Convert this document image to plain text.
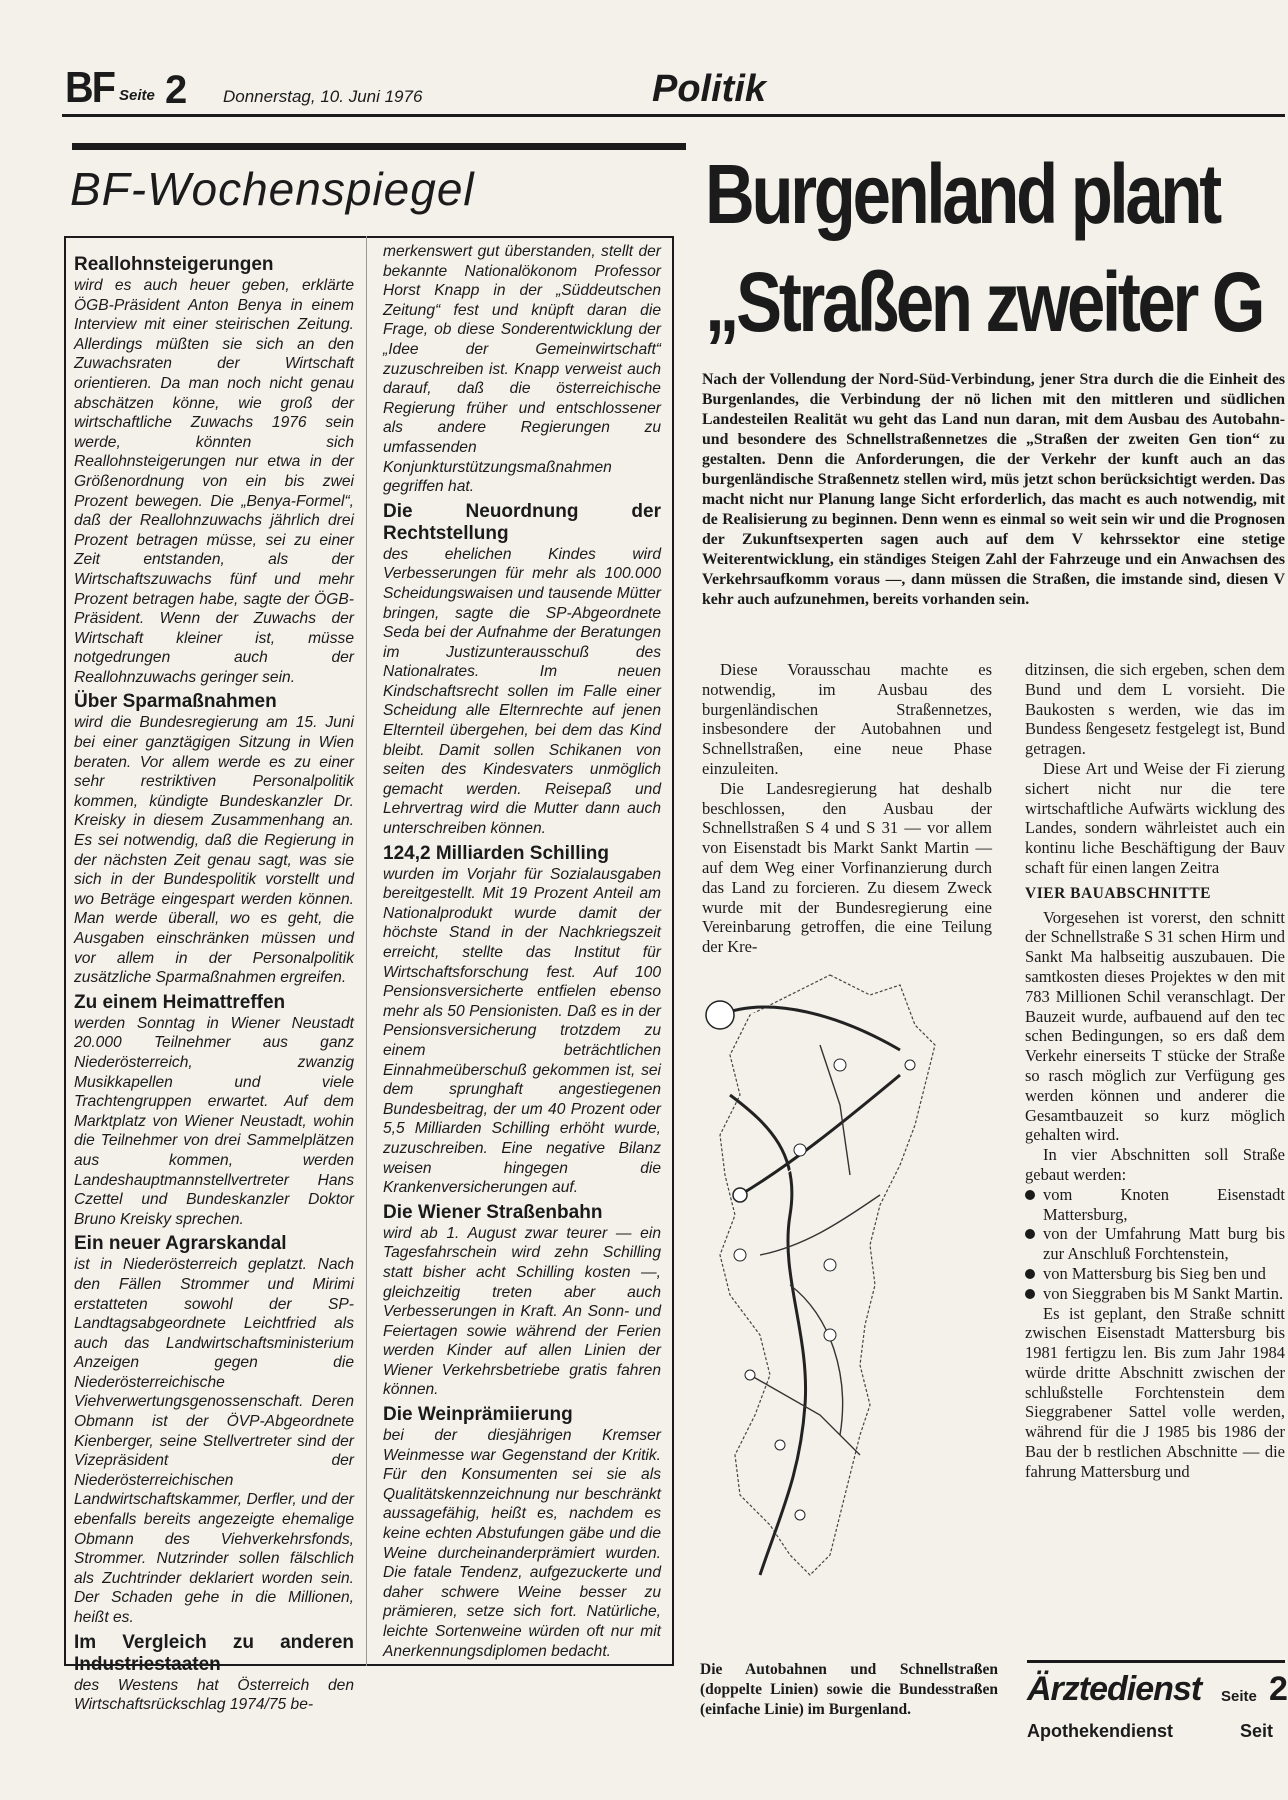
BF Seite 2 Donnerstag, 10. Juni 1976	Politik
BF-Wochenspiegel
Reallohnsteigerungen

wird es auch heuer geben, erklärte ÖGB-Präsident Anton Benya in einem Interview mit einer steirischen Zeitung. Allerdings müßten sie sich an den Zuwachsraten der Wirtschaft orientieren. Da man noch nicht genau abschätzen könne, wie groß der wirtschaftliche Zuwachs 1976 sein werde, könnten sich Reallohnsteigerungen nur etwa in der Größenordnung von ein bis zwei Prozent bewegen. Die „Benya-Formel“, daß der Reallohnzuwachs jährlich drei Prozent betragen müsse, sei zu einer Zeit entstanden, als der Wirtschaftszuwachs fünf und mehr Prozent betragen habe, sagte der ÖGB-Präsident. Wenn der Zuwachs der Wirtschaft kleiner ist, müsse notgedrungen auch der Reallohnzuwachs geringer sein.

Über Sparmaßnahmen

wird die Bundesregierung am 15. Juni bei einer ganztägigen Sitzung in Wien beraten. Vor allem werde es zu einer sehr restriktiven Personalpolitik kommen, kündigte Bundeskanzler Dr. Kreisky in diesem Zusammenhang an. Es sei notwendig, daß die Regierung in der nächsten Zeit genau sagt, was sie sich in der Bundespolitik vorstellt und wo Beträge eingespart werden können. Man werde überall, wo es geht, die Ausgaben einschränken müssen und vor allem in der Personalpolitik zusätzliche Sparmaßnahmen ergreifen.

Zu einem Heimattreffen

werden Sonntag in Wiener Neustadt 20.000 Teilnehmer aus ganz Niederösterreich, zwanzig Musikkapellen und viele Trachtengruppen erwartet. Auf dem Marktplatz von Wiener Neustadt, wohin die Teilnehmer von drei Sammelplätzen aus kommen, werden Landeshauptmannstellvertreter Hans Czettel und Bundeskanzler Doktor Bruno Kreisky sprechen.

Ein neuer Agrarskandal

ist in Niederösterreich geplatzt. Nach den Fällen Strommer und Mirimi erstatteten sowohl der SP-Landtagsabgeordnete Leichtfried als auch das Landwirtschaftsministerium Anzeigen gegen die Niederösterreichische Viehverwertungsgenossenschaft. Deren Obmann ist der ÖVP-Abgeordnete Kienberger, seine Stellvertreter sind der Vizepräsident der Niederösterreichischen Landwirtschaftskammer, Derfler, und der ebenfalls bereits angezeigte ehemalige Obmann des Viehverkehrsfonds, Strommer. Nutzrinder sollen fälschlich als Zuchtrinder deklariert worden sein. Der Schaden gehe in die Millionen, heißt es.

Im Vergleich zu anderen Industriestaaten

des Westens hat Österreich den Wirtschaftsrückschlag 1974/75 be-

merkenswert gut überstanden, stellt der bekannte Nationalökonom Professor Horst Knapp in der „Süddeutschen Zeitung“ fest und knüpft daran die Frage, ob diese Sonderentwicklung der „Idee der Gemeinwirtschaft“ zuzuschreiben ist. Knapp verweist auch darauf, daß die österreichische Regierung früher und entschlossener als andere Regierungen zu umfassenden Konjunkturstützungsmaßnahmen gegriffen hat.

Die Neuordnung der Rechtstellung

des ehelichen Kindes wird Verbesserungen für mehr als 100.000 Scheidungswaisen und tausende Mütter bringen, sagte die SP-Abgeordnete Seda bei der Aufnahme der Beratungen im Justizunterausschuß des Nationalrates. Im neuen Kindschaftsrecht sollen im Falle einer Scheidung alle Elternrechte auf jenen Elternteil übergehen, bei dem das Kind bleibt. Damit sollen Schikanen von seiten des Kindesvaters unmöglich gemacht werden. Reisepaß und Lehrvertrag wird die Mutter dann auch unterschreiben können.

124,2 Milliarden Schilling

wurden im Vorjahr für Sozialausgaben bereitgestellt. Mit 19 Prozent Anteil am Nationalprodukt wurde damit der höchste Stand in der Nachkriegszeit erreicht, stellte das Institut für Wirtschaftsforschung fest. Auf 100 Pensionsversicherte entfielen ebenso mehr als 50 Pensionisten. Daß es in der Pensionsversicherung trotzdem zu einem beträchtlichen Einnahmeüberschuß gekommen ist, sei dem sprunghaft angestiegenen Bundesbeitrag, der um 40 Prozent oder 5,5 Milliarden Schilling erhöht wurde, zuzuschreiben. Eine negative Bilanz weisen hingegen die Krankenversicherungen auf.

Die Wiener Straßenbahn

wird ab 1. August zwar teurer — ein Tagesfahrschein wird zehn Schilling statt bisher acht Schilling kosten —, gleichzeitig treten aber auch Verbesserungen in Kraft. An Sonn- und Feiertagen sowie während der Ferien werden Kinder auf allen Linien der Wiener Verkehrsbetriebe gratis fahren können.

Die Weinprämiierung

bei der diesjährigen Kremser Weinmesse war Gegenstand der Kritik. Für den Konsumenten sei sie als Qualitätskennzeichnung nur beschränkt aussagefähig, heißt es, nachdem es keine echten Abstufungen gäbe und die Weine durcheinanderprämiert wurden. Die fatale Tendenz, aufgezuckerte und daher schwere Weine besser zu prämieren, setze sich fort. Natürliche, leichte Sortenweine würden oft nur mit Anerkennungsdiplomen bedacht.

Burgenland plant
„Straßen zweiter G
Nach der Vollendung der Nord-Süd-Verbindung, jener Stra durch die die Einheit des Burgenlandes, die Verbindung der nö lichen mit den mittleren und südlichen Landesteilen Realität wu geht das Land nun daran, mit dem Ausbau des Autobahn- und besondere des Schnellstraßennetzes die „Straßen der zweiten Gen tion“ zu gestalten. Denn die Anforderungen, die der Verkehr der kunft auch an das burgenländische Straßennetz stellen wird, müs jetzt schon berücksichtigt werden. Das macht nicht nur Planung lange Sicht erforderlich, das macht es auch notwendig, mit de Realisierung zu beginnen. Denn wenn es einmal so weit sein wir und die Prognosen der Zukunftsexperten sagen auch auf dem V kehrssektor eine stetige Weiterentwicklung, ein ständiges Steigen Zahl der Fahrzeuge und ein Anwachsen des Verkehrsaufkomm voraus —, dann müssen die Straßen, die imstande sind, diesen V kehr auch aufzunehmen, bereits vorhanden sein.

Diese Vorausschau machte es notwendig, im Ausbau des burgenländischen Straßennetzes, insbesondere der Autobahnen und Schnellstraßen, eine neue Phase einzuleiten.

Die Landesregierung hat deshalb beschlossen, den Ausbau der Schnellstraßen S 4 und S 31 — vor allem von Eisenstadt bis Markt Sankt Martin — auf dem Weg einer Vorfinanzierung durch das Land zu forcieren. Zu diesem Zweck wurde mit der Bundesregierung eine Vereinbarung getroffen, die eine Teilung der Kre-

ditzinsen, die sich ergeben, schen dem Bund und dem L vorsieht. Die Baukosten s werden, wie das im Bundess ßengesetz festgelegt ist, Bund getragen.

Diese Art und Weise der Fi zierung sichert nicht nur die tere wirtschaftliche Aufwärts wicklung des Landes, sondern währleistet auch ein kontinu liche Beschäftigung der Bauv schaft für einen langen Zeitra

VIER BAUABSCHNITTE

Vorgesehen ist vorerst, den schnitt der Schnellstraße S 31 schen Hirm und Sankt Ma halbseitig auszubauen. Die samtkosten dieses Projektes w den mit 783 Millionen Schil veranschlagt. Der Bauzeit wurde, aufbauend auf den tec schen Bedingungen, so ers daß dem Verkehr einerseits T stücke der Straße so rasch möglich zur Verfügung ges werden können und anderer die Gesamtbauzeit so kurz möglich gehalten wird.

In vier Abschnitten soll Straße gebaut werden:

vom Knoten Eisenstadt Mattersburg,
von der Umfahrung Matt burg bis zur Anschluß Forchtenstein,
von Mattersburg bis Sieg ben und
von Sieggraben bis M Sankt Martin.

Es ist geplant, den Straße schnitt zwischen Eisenstadt Mattersburg bis 1981 fertigzu len. Bis zum Jahr 1984 würde dritte Abschnitt zwischen der schlußstelle Forchtenstein dem Sieggrabener Sattel volle werden, während für die J 1985 bis 1986 der Bau der b restlichen Abschnitte — die fahrung Mattersburg und

Die Autobahnen und Schnellstraßen (doppelte Linien) sowie die Bundesstraßen (einfache Linie) im Burgenland.
Ärztedienst Seite 2
Apothekendienst	Seit
